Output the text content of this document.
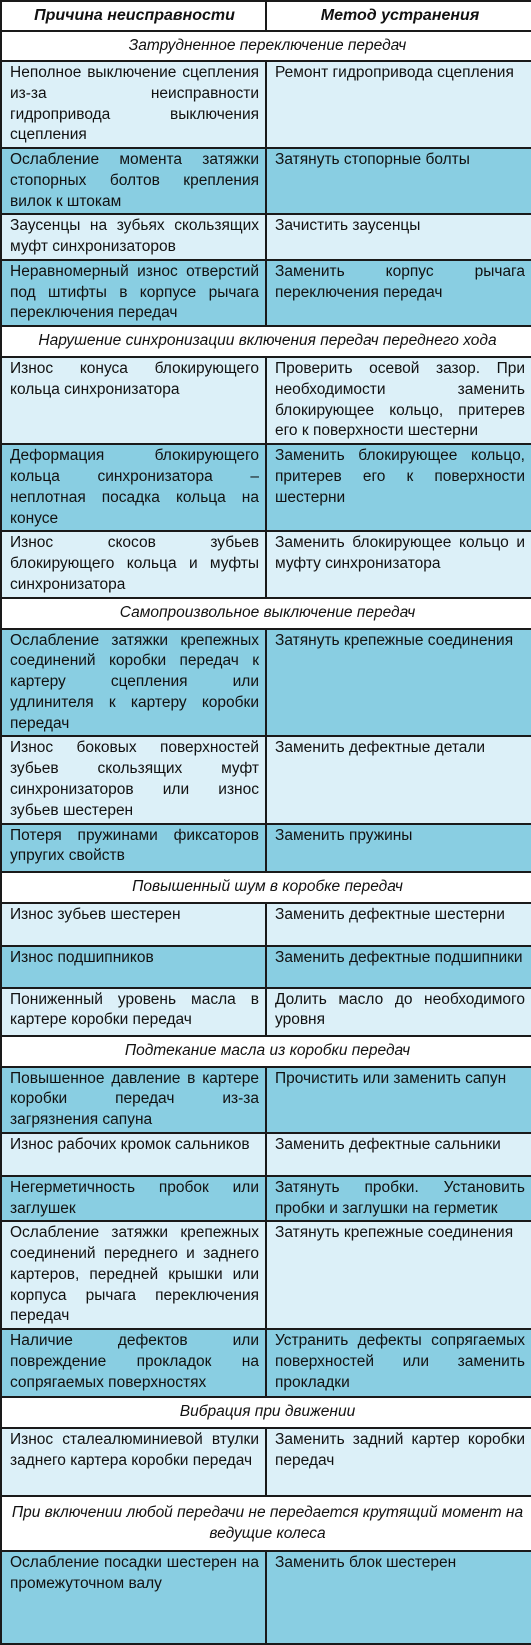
Причина неисправности	Метод устранения
Затрудненное переключение передач	
Неполное выключение сцепления из-за неисправности гидропривода выключения сцепления	Ремонт гидропривода сцепления
Ослабление момента затяжки стопорных болтов крепления вилок к штокам	Затянуть стопорные болты
Заусенцы на зубьях скользящих муфт синхронизаторов	Зачистить заусенцы
Неравномерный износ отверстий под штифты в корпусе рычага переключения передач	Заменить корпус рычага переключения передач
Нарушение синхронизации включения передач переднего хода	
Износ конуса блокирующего кольца синхронизатора	Проверить осевой зазор. При необходимости заменить блокирующее кольцо, притерев его к поверхности шестерни
Деформация блокирующего кольца синхронизатора – неплотная посадка кольца на конусе	Заменить блокирующее кольцо, притерев его к поверхности шестерни
Износ скосов зубьев блокирующего кольца и муфты синхронизатора	Заменить блокирующее кольцо и муфту синхронизатора
Самопроизвольное выключение передач	
Ослабление затяжки крепежных соединений коробки передач к картеру сцепления или удлинителя к картеру коробки передач	Затянуть крепежные соединения
Износ боковых поверхностей зубьев скользящих муфт синхронизаторов или износ зубьев шестерен	Заменить дефектные детали
Потеря пружинами фиксаторов упругих свойств	Заменить пружины
Повышенный шум в коробке передач	
Износ зубьев шестерен	Заменить дефектные шестерни
Износ подшипников	Заменить дефектные подшипники
Пониженный уровень масла в картере коробки передач	Долить масло до необходимого уровня
Подтекание масла из коробки передач	
Повышенное давление в картере коробки передач из-за загрязнения сапуна	Прочистить или заменить сапун
Износ рабочих кромок сальников	Заменить дефектные сальники
Негерметичность пробок или заглушек	Затянуть пробки. Установить пробки и заглушки на герметик
Ослабление затяжки крепежных соединений переднего и заднего картеров, передней крышки или корпуса рычага переключения передач	Затянуть крепежные соединения
Наличие дефектов или повреждение прокладок на сопрягаемых поверхностях	Устранить дефекты сопрягаемых поверхностей или заменить прокладки
Вибрация при движении	
Износ сталеалюминиевой втулки заднего картера коробки передач	Заменить задний картер коробки передач
При включении любой передачи не передается крутящий момент на ведущие колеса	
Ослабление посадки шестерен на промежуточном валу	Заменить блок шестерен
